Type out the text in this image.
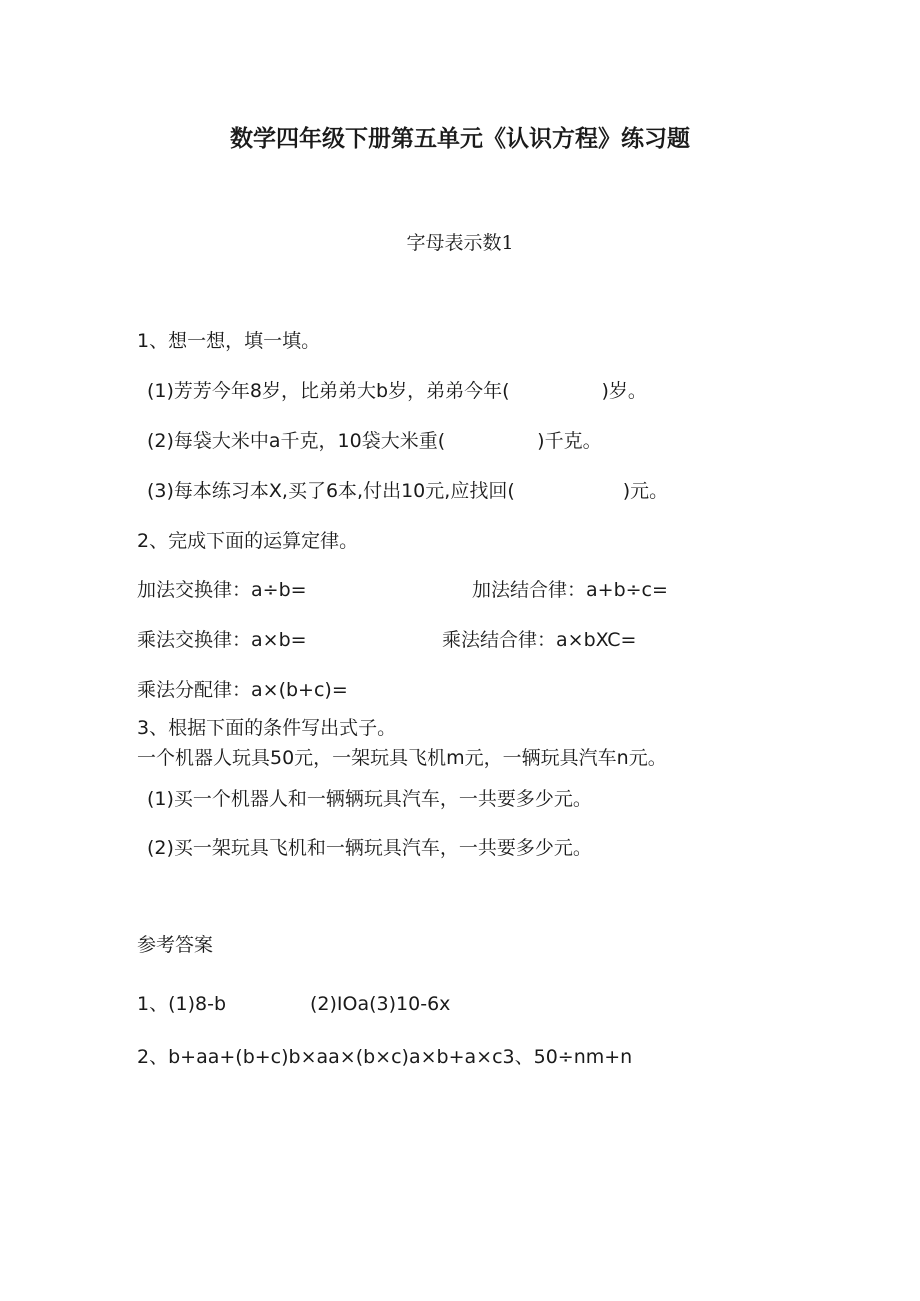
数学四年级下册第五单元《认识方程》练习题
字母表示数1
1、想一想，填一填。
(1)芳芳今年8岁，比弟弟大b岁，弟弟今年(	)岁。
(2)每袋大米中a千克，10袋大米重(	)千克。
(3)每本练习本X,买了6本,付出10元,应找回(	)元。
2、完成下面的运算定律。
加法交换律：a÷b=	加法结合律：a+b÷c=
乘法交换律：a×b=	乘法结合律：a×bXC=
乘法分配律：a×(b+c)=
3、根据下面的条件写出式子。
一个机器人玩具50元，一架玩具飞机m元，一辆玩具汽车n元。
(1)买一个机器人和一辆辆玩具汽车，一共要多少元。
(2)买一架玩具飞机和一辆玩具汽车，一共要多少元。
参考答案
1、(1)8-b	(2)IOa(3)10-6x
2、b+aa+(b+c)b×aa×(b×c)a×b+a×c3、50÷nm+n
